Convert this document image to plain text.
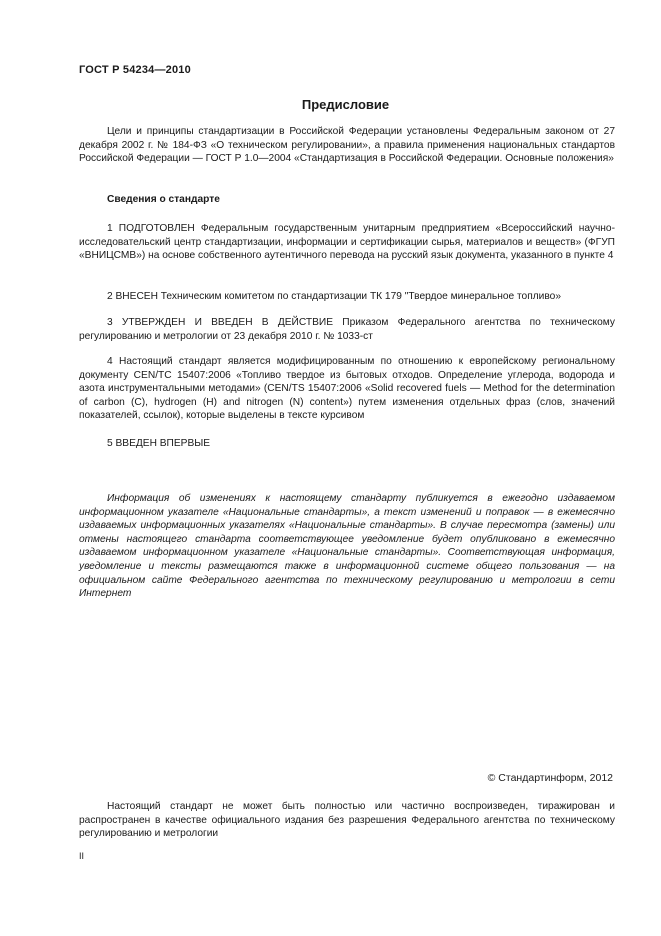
ГОСТ Р 54234—2010
Предисловие

Цели и принципы стандартизации в Российской Федерации установлены Федеральным законом от 27 декабря 2002 г. № 184-ФЗ «О техническом регулировании», а правила применения национальных стандартов Российской Федерации — ГОСТ Р 1.0—2004 «Стандартизация в Российской Федерации. Основные положения»

Сведения о стандарте

1 ПОДГОТОВЛЕН Федеральным государственным унитарным предприятием «Всероссийский научно-исследовательский центр стандартизации, информации и сертификации сырья, материалов и веществ» (ФГУП «ВНИЦСМВ») на основе собственного аутентичного перевода на русский язык документа, указанного в пункте 4

2 ВНЕСЕН Техническим комитетом по стандартизации ТК 179 "Твердое минеральное топливо»

3 УТВЕРЖДЕН И ВВЕДЕН В ДЕЙСТВИЕ Приказом Федерального агентства по техническому регулированию и метрологии от 23 декабря 2010 г. № 1033-ст

4 Настоящий стандарт является модифицированным по отношению к европейскому региональному документу CEN/TC 15407:2006 «Топливо твердое из бытовых отходов. Определение углерода, водорода и азота инструментальными методами» (CEN/TS 15407:2006 «Solid recovered fuels — Method for the determination of carbon (C), hydrogen (H) and nitrogen (N) content») путем изменения отдельных фраз (слов, значений показателей, ссылок), которые выделены в тексте курсивом

5 ВВЕДЕН ВПЕРВЫЕ

Информация об изменениях к настоящему стандарту публикуется в ежегодно издаваемом информационном указателе «Национальные стандарты», а текст изменений и поправок — в ежемесячно издаваемых информационных указателях «Национальные стандарты». В случае пересмотра (замены) или отмены настоящего стандарта соответствующее уведомление будет опубликовано в ежемесячно издаваемом информационном указателе «Национальные стандарты». Соответствующая информация, уведомление и тексты размещаются также в информационной системе общего пользования — на официальном сайте Федерального агентства по техническому регулированию и метрологии в сети Интернет

© Стандартинформ, 2012

Настоящий стандарт не может быть полностью или частично воспроизведен, тиражирован и распространен в качестве официального издания без разрешения Федерального агентства по техническому регулированию и метрологии

II
